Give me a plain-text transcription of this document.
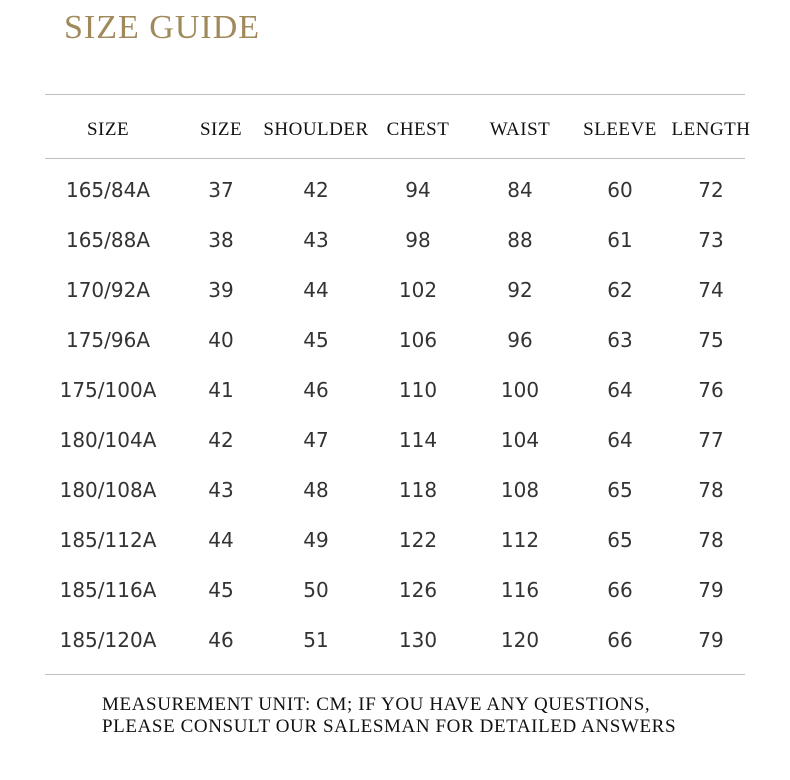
SIZE GUIDE
SIZE	SIZE SHOULDER CHEST WAIST SLEEVE LENGTH
165/84A	37	42	94	84	60	72
165/88A	38	43	98	88	61	73
170/92A	39	44	102	92	62	74
175/96A	40	45	106	96	63	75
175/100A	41	46	110	100	64	76
180/104A	42	47	114	104	64	77
180/108A	43	48	118	108	65	78
185/112A	44	49	122	112	65	78
185/116A	45	50	126	116	66	79
185/120A	46	51	130	120	66	79
MEASUREMENT UNIT: CM; IF YOU HAVE ANY QUESTIONS,
PLEASE CONSULT OUR SALESMAN FOR DETAILED ANSWERS
